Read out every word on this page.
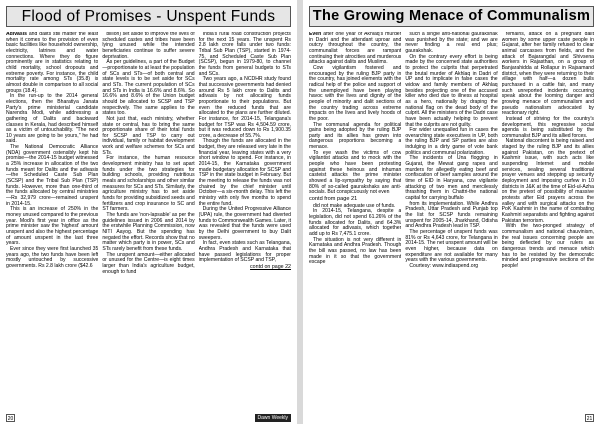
Flood of Promises - Unspent Funds

Adivasis and dalits still matter the least when it comes to the provision of even basic facilities like household ownership, electricity, latrines and water connections. Where they do figure prominently are in statistics relating to child mortality, school dropouts and extreme poverty. For instance, the child mortality rate among STs (35.8) is almost double in comparison to all social groups (18.4).

In the run-up to the 2014 general elections, then the Bharatiya Janata Party's prime ministerial candidate Narendra Modi, while addressing a gathering of Dalits and backward classes in Kerala, had described himself as a victim of untouchability. "The next 10 years are going to be yours," he had said.

The National Democratic Alliance (NDA) government ostensibly kept his promise—the 2014-15 budget witnessed a 25% increase in allocation of the two funds meant for Dalits and the adivasis—the Scheduled Caste Sub Plan (SCSP) and the Tribal Sub Plan (TSP) funds. However, more than one-third of the funds allocated by central ministries—Rs 32,979 crore—remained unspent in 2014-15.

This is an increase of 250% in the money unused compared to the previous year. Modi's first year in office as the prime minister saw the 'highest' amount unspent and also the highest percentage of amount unspent in the last three years.

Ever since they were first launched 35 years ago, the two funds have been left mostly untouched by successive governments. Rs 2.8 lakh crore ($42.6

billion) set aside to improve the lives of scheduled castes and tribes have been lying unused while the intended beneficiaries continue to suffer severe deprivation.

As per guidelines, a part of the Budget—proportionate to at least the population of SCs and STs—of both central and state levels is to be set aside for SCs and STs. The current population of SCs and STs in India is 16.6% and 8.6%. So 16.6% and 8.6% of the Union budget should be allocated to SCSP and TSP respectively. The same applies to the states too.

Not just that, each ministry, whether state or central, has to bring the same proportionate share of their total funds for SCSP and TSP to carry out individual, family or habitat development work and welfare schemes for SCs and STs.

For instance, the human resource development ministry has to set apart funds under the two strategies for building schools, providing nutritious meals and scholarships and other similar measures for SCs and STs. Similarly, the agriculture ministry has to set aside funds for providing subsidized seeds and fertilizers and crop insurance to SC and ST farmers.

The funds are 'non-lapsable' as per the guidelines issued in 2006 and 2014 by the erstwhile Planning Commission, now NITI Aayog. But the spending has negated the effort. Records show that no matter which party is in power, SCs and STs rarely benefit from these funds.

The unspent amount—either allocated or unused for the Centre—is eight times larger than India's agriculture budget, enough to fund

India's rural road construction projects for the next 15 years. The unspent Rs 2.8 lakh crore falls under two funds: Tribal Sub Plan (TSP), started in 1974-75, and Scheduled Caste Sub Plan (SCSP), begun in 1979-80, to channel the funds from general budgets to STs and SCs.

Two years ago, a NCDHR study found that successive governments had denied around Rs 5 lakh crore to Dalits and adivasis by not allocating funds proportionate to their populations. But even the reduced funds that are allocated to the plans are further diluted. For instance, for 2014-15, Telangana's budget for TSP was Rs 4,504.59 crore, but it was reduced down to Rs 1,900.35 crore, a decrease of 55.7%.

Though the funds are allocated in the budget, they are released very late in the financial year, leaving states with a very short window to spend. For instance, in 2014-15, the Karnataka government made budgetary allocation for SCSP and TSP in the state budget in February. But the meeting to release the funds was not chaired by the chief minister until October—a six-month delay. This left the ministry with only five months to spend the entire fund.

During the United Progressive Alliance (UPA) rule, the government had diverted funds to Commonwealth Games. Later, it was revealed that the funds were used by the Delhi government to buy Dalit sweepers.

In fact, even states such as Telangana, Andhra Pradesh and Karnataka that have passed legislations for proper implementation of SCSP and TSP,

contd on page 22
20	Dawn Weekly
The Growing Menace of Communalism

Even after one year of Akhlaq's murder in Dadri and the attendant uproar and outcry throughout the country, the communalist forces are rampant continuing their atrocities and murderous attacks against dalits and Muslims.

Cow vigilantism fostered and encouraged by the ruling BJP party in the country, has joined elements with the radical help of the police and support of the unemployed have been playing havoc with the lives and dignity of the people of minority and dalit sections of the country trading across extreme impacts on the lives and lively hoods of the poor.

The communal agenda for political gains being adopted by the ruling BJP party and its allies has grown into dangerous proportions becoming a menace.

To eye wash the victims of cow vigilantist attacks and to mock with the people who have been protesting against these heinous and inhuman casteist attacks the prime minister showed a lip-sympathy by saying that 80% of so-called gaurakshaks are anti-socials. But conspicuously not even

contd from page 21

did not make adequate use of funds.

In 2014-15, Telangana, despite a legislation, did not spend 61.26% of the funds allocated for Dalits, and 64.3% allocated for adivasis, which together add up to Rs 7,475.1 crore.

The situation is not very different in Karnataka and Andhra Pradesh. Though the bill was passed, no law has been made in it so that the government escape

such a single anti-national gaurakshak was punished by the state; and we are never finding a real end plus; gaurakshak.

On the contrary every effort is being made by the concerned state authorities to protect the culprits that perpetrated the brutal murder of Akhlaq in Dadri of UP and to implicate in false cases the widow and family members of Akhlaq besides projecting one of the accused killer who died due to illness at hospital as a hero, nationally by draping the national flag on the dead body of the culprit. All the ministers of the Dadri case have been actually helping to prevent that the culprits are not guilty.

For wider unequalled fun in cases the overarching state executives in UP, both the ruling BJP and SP parties are also indulging in a dirty game of vote bank politics and communal polarization.

The incidents of Una flogging in Gujarat, the Mewat gang rapes and murders for allegedly eating beef and confiscation of beef samples around the time of EID in Haryana, cow vigilante attacking of two men and mercilessly thrashing them in Chattri-the national capital for carrying buffalo

from its implementation. While Andhra Pradesh, Uttar Pradesh and Punjab top the list for SCSP funds remaining unspent for 2005-14, Jharkhand, Odisha and Andhra Pradesh lead in TSP.

The percentage of unspent funds was 81% or Rs 4,643 crore, for Telangana in 2014-15. The net unspent amount will be even higher, because data on expenditure are not available for many years with the various governments.

Courtesy: www.indiaspend.org

remains, attack on a pregnant dalit women by some upper caste people in Gujarat, after her family refused to clear animal carcasses from fields, and the attack of Bajarangdal and Shivsena workers in Rajasthan, on a group of Banjarahidda at Rollapur in Rajsamand district, when they were returning to their village with half—a dozen bulls purchased in a cattle fair, and many such unreported incidents occurring speak about the looming danger and growing menace of communalism and pseudo nationalism advocated by reactionary right.

Instead of striving for the country's development, this regressive social agenda is being substituted by the communalist BJP and its allied forces.

National discontent is being raised and staged by the ruling BJP and its allies against Pakistan, on the pretext of Kashmir issue, with such acts like suspending Internet and mobile services, sealing several traditional prayer venues and stepping up security deployment and imposing curfew in 10 districts in J&K at the time of Eid-ul-Azha on the pretext of possibility of massive protests after Eid prayers across the valley and with surgical attacks on the PoK Kashmir in the name of combating Kashmiri separatists and fighting against Pakistan terrorism.

With the two-pronged strategy of communalism and national chauvinism, the real issues concerning people are being deflected by our rulers as dangerous trends and menace which has to be resisted by the democratic minded and progressive sections of the people!

21
